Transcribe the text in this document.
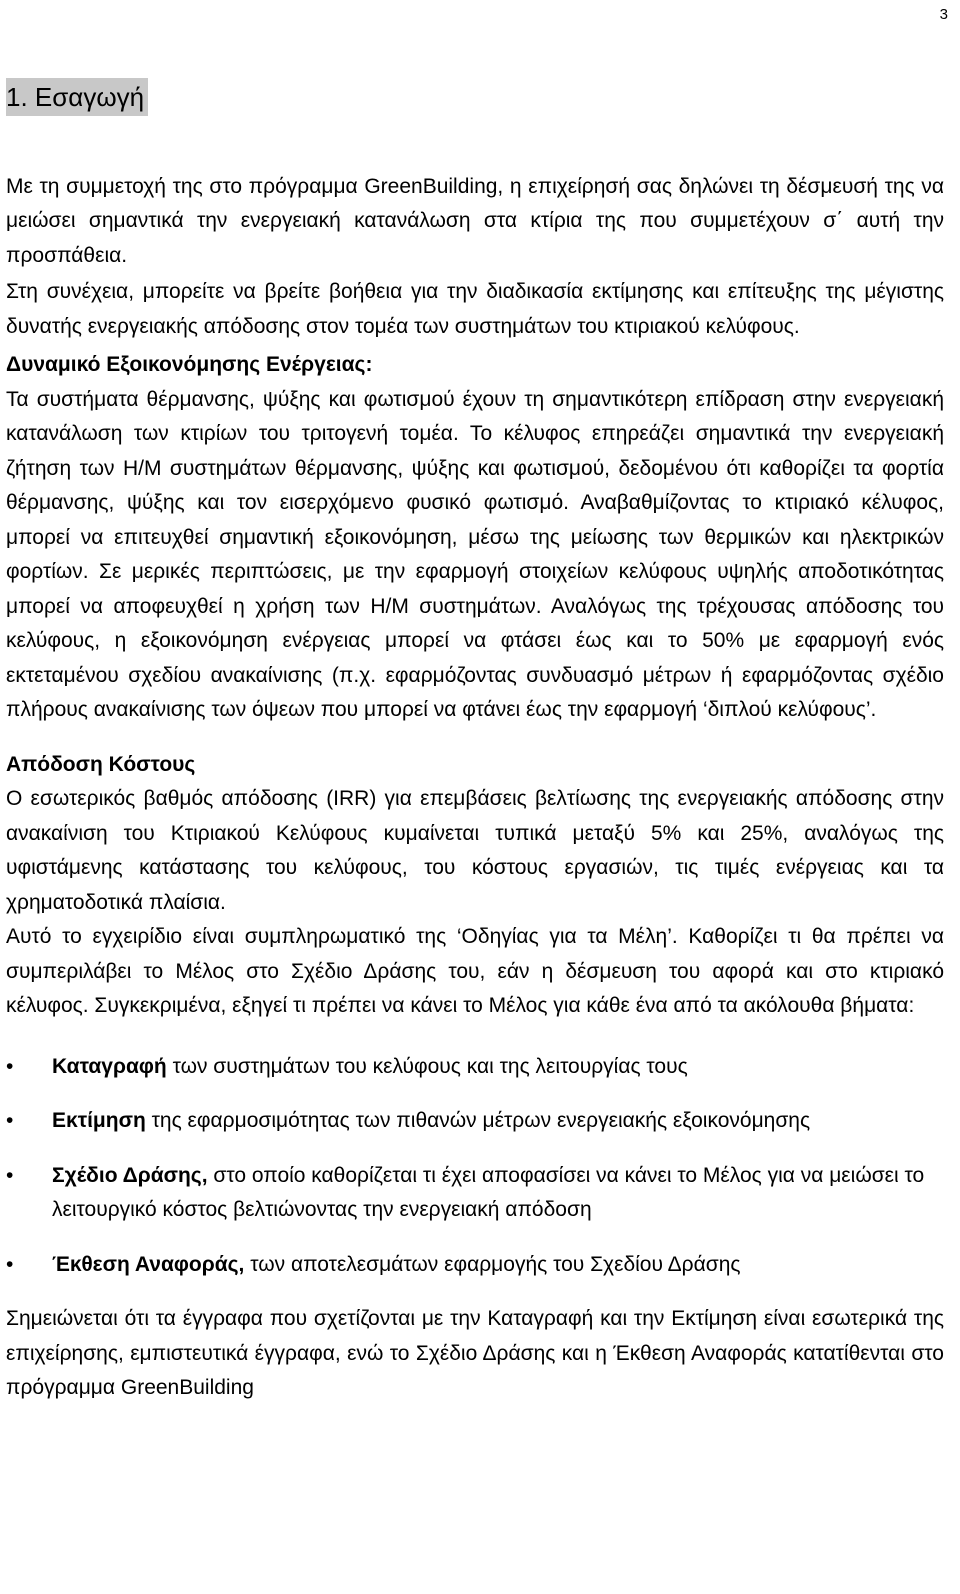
3

1. Εσαγωγή

Με τη συμμετοχή της στο πρόγραμμα GreenBuilding, η επιχείρησή σας δηλώνει τη δέσμευσή της να μειώσει σημαντικά την ενεργειακή κατανάλωση στα κτίρια της που συμμετέχουν σ΄ αυτή την προσπάθεια.

Στη συνέχεια, μπορείτε να βρείτε βοήθεια για την διαδικασία εκτίμησης και επίτευξης της μέγιστης δυνατής ενεργειακής απόδοσης στον τομέα των συστημάτων του κτιριακού κελύφους.

Δυναμικό Εξοικονόμησης Ενέργειας:

Τα συστήματα θέρμανσης, ψύξης και φωτισμού έχουν τη σημαντικότερη επίδραση στην ενεργειακή κατανάλωση των κτιρίων του τριτογενή τομέα. Το κέλυφος επηρεάζει σημαντικά την ενεργειακή ζήτηση των Η/Μ συστημάτων θέρμανσης, ψύξης και φωτισμού, δεδομένου ότι καθορίζει τα φορτία θέρμανσης, ψύξης και τον εισερχόμενο φυσικό φωτισμό. Αναβαθμίζοντας το κτιριακό κέλυφος, μπορεί να επιτευχθεί σημαντική εξοικονόμηση, μέσω της μείωσης των θερμικών και ηλεκτρικών φορτίων. Σε μερικές περιπτώσεις, με την εφαρμογή στοιχείων κελύφους υψηλής αποδοτικότητας μπορεί να αποφευχθεί η χρήση των Η/Μ συστημάτων. Αναλόγως της τρέχουσας απόδοσης του κελύφους, η εξοικονόμηση ενέργειας μπορεί να φτάσει έως και το 50% με εφαρμογή ενός εκτεταμένου σχεδίου ανακαίνισης (π.χ. εφαρμόζοντας συνδυασμό μέτρων ή εφαρμόζοντας σχέδιο πλήρους ανακαίνισης των όψεων που μπορεί να φτάνει έως την εφαρμογή ‘διπλού κελύφους’.

Απόδοση Κόστους

Ο εσωτερικός βαθμός απόδοσης (IRR) για επεμβάσεις βελτίωσης της ενεργειακής απόδοσης στην ανακαίνιση του Κτιριακού Κελύφους κυμαίνεται τυπικά μεταξύ 5% και 25%, αναλόγως της υφιστάμενης κατάστασης του κελύφους, του κόστους εργασιών, τις τιμές ενέργειας και τα χρηματοδοτικά πλαίσια.

Αυτό το εγχειρίδιο είναι συμπληρωματικό της ‘Οδηγίας για τα Μέλη’. Καθορίζει τι θα πρέπει να συμπεριλάβει το Μέλος στο Σχέδιο Δράσης του, εάν η δέσμευση του αφορά και στο κτιριακό κέλυφος. Συγκεκριμένα, εξηγεί τι πρέπει να κάνει το Μέλος για κάθε ένα από τα ακόλουθα βήματα:

• Καταγραφή των συστημάτων του κελύφους και της λειτουργίας τους
• Εκτίμηση της εφαρμοσιμότητας των πιθανών μέτρων ενεργειακής εξοικονόμησης
• Σχέδιο Δράσης, στο οποίο καθορίζεται τι έχει αποφασίσει να κάνει το Μέλος για να μειώσει το λειτουργικό κόστος βελτιώνοντας την ενεργειακή απόδοση
• Έκθεση Αναφοράς, των αποτελεσμάτων εφαρμογής του Σχεδίου Δράσης

Σημειώνεται ότι τα έγγραφα που σχετίζονται με την Καταγραφή και την Εκτίμηση είναι εσωτερικά της επιχείρησης, εμπιστευτικά έγγραφα, ενώ το Σχέδιο Δράσης και η Έκθεση Αναφοράς κατατίθενται στο πρόγραμμα GreenBuilding
